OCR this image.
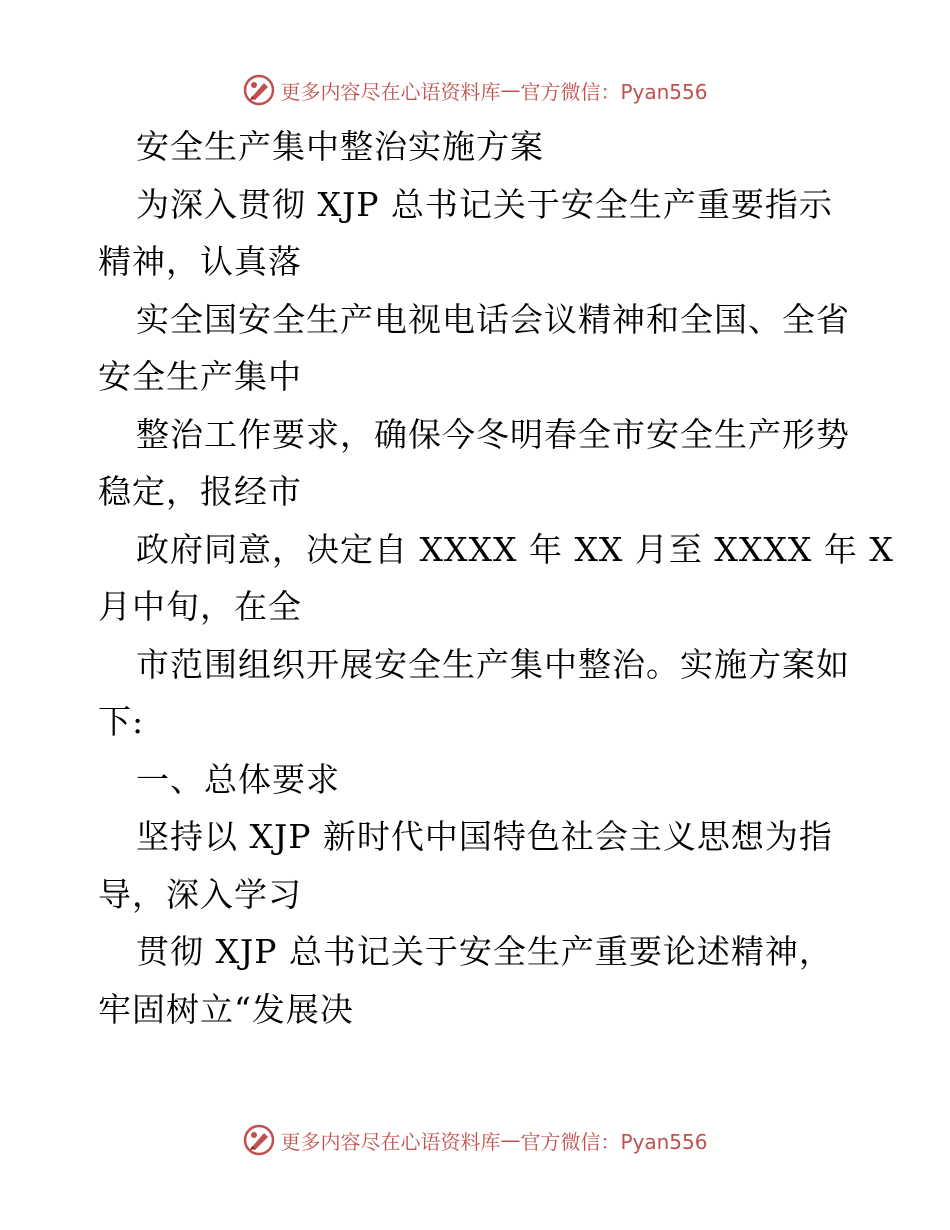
更多内容尽在心语资料库 — 官方微信：Pyan556
安全生产集中整治实施方案
为深入贯彻 XJP 总书记关于安全生产重要指示
精神，认真落
实全国安全生产电视电话会议精神和全国、全省
安全生产集中
整治工作要求，确保今冬明春全市安全生产形势
稳定，报经市
政府同意，决定自 XXXX 年 XX 月至 XXXX 年 X
月中旬，在全
市范围组织开展安全生产集中整治。实施方案如
下:
一、总体要求
坚持以 XJP 新时代中国特色社会主义思想为指
导，深入学习
贯彻 XJP 总书记关于安全生产重要论述精神，
牢固树立“发展决
更多内容尽在心语资料库 — 官方微信：Pyan556
